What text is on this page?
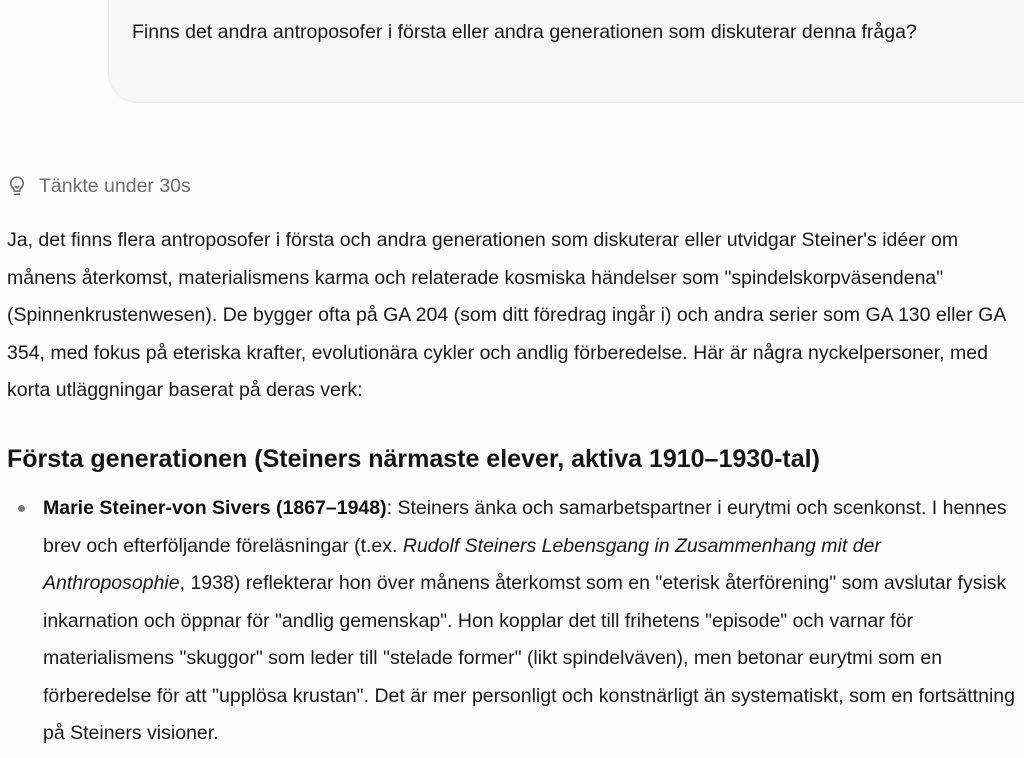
Finns det andra antroposofer i första eller andra generationen som diskuterar denna fråga?
Tänkte under 30s

Ja, det finns flera antroposofer i första och andra generationen som diskuterar eller utvidgar Steiner's idéer om månens återkomst, materialismens karma och relaterade kosmiska händelser som "spindelskorpväsendena" (Spinnenkrustenwesen). De bygger ofta på GA 204 (som ditt föredrag ingår i) och andra serier som GA 130 eller GA 354, med fokus på eteriska krafter, evolutionära cykler och andlig förberedelse. Här är några nyckelpersoner, med korta utläggningar baserat på deras verk:

Första generationen (Steiners närmaste elever, aktiva 1910–1930-tal)
Marie Steiner-von Sivers (1867–1948): Steiners änka och samarbetspartner i eurytmi och scenkonst. I hennes brev och efterföljande föreläsningar (t.ex. Rudolf Steiners Lebensgang in Zusammenhang mit der Anthroposophie, 1938) reflekterar hon över månens återkomst som en "eterisk återförening" som avslutar fysisk inkarnation och öppnar för "andlig gemenskap". Hon kopplar det till frihetens "episode" och varnar för materialismens "skuggor" som leder till "stelade former" (likt spindelväven), men betonar eurytmi som en förberedelse för att "upplösa krustan". Det är mer personligt och konstnärligt än systematiskt, som en fortsättning på Steiners visioner.
